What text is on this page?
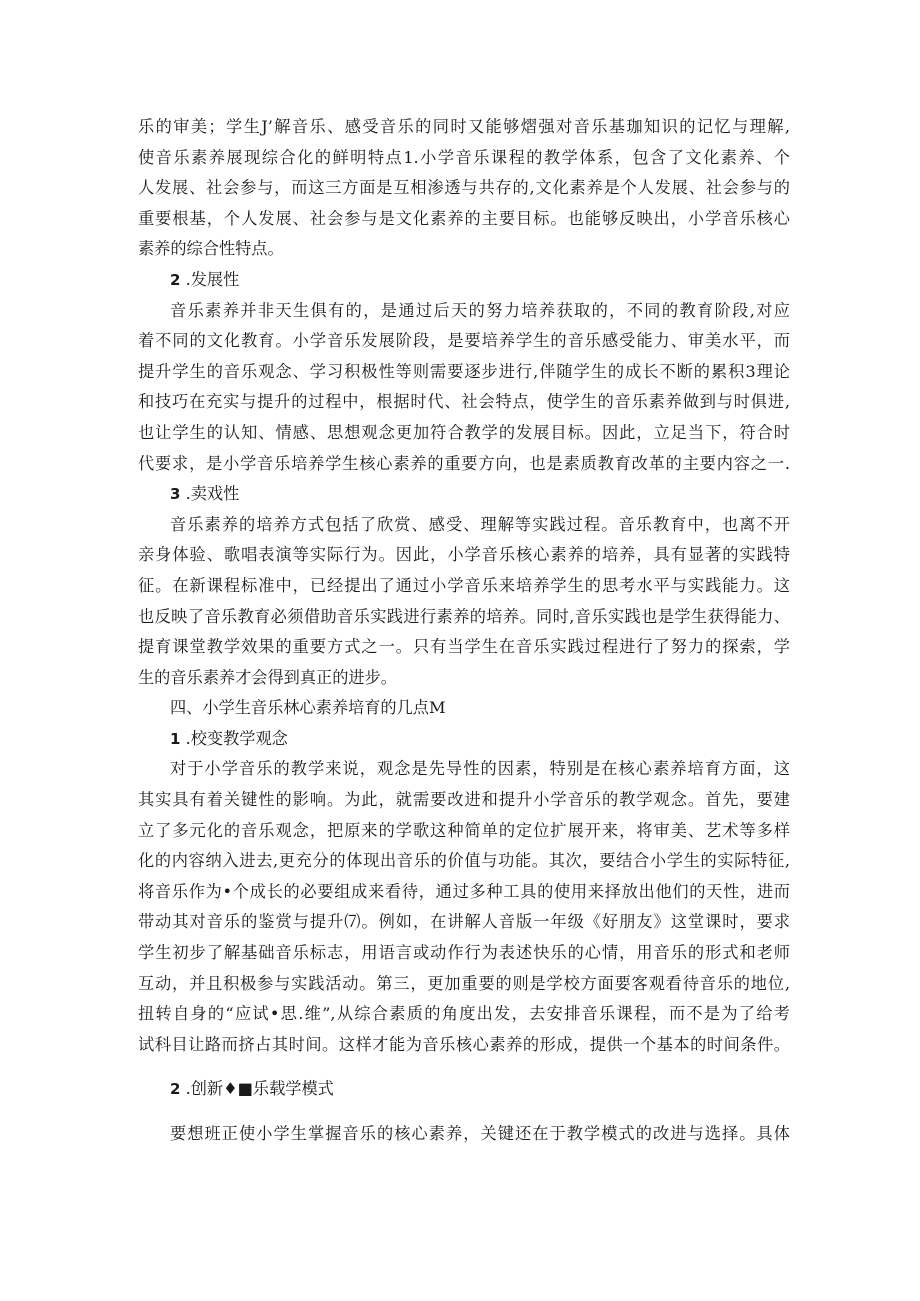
乐的审美；学生J’解音乐、感受音乐的同时又能够熠强对音乐基珈知识的记忆与理解,
使音乐素养展现综合化的鲜明特点1.小学音乐课程的教学体系，包含了文化素养、个
人发展、社会参与，而这三方面是互相渗透与共存的,文化素养是个人发展、社会参与的
重要根基，个人发展、社会参与是文化素养的主要目标。也能够反映出，小学音乐核心
素养的综合性特点。
2 .发展性
音乐素养并非天生俱有的，是通过后天的努力培养获取的，不同的教育阶段,对应
着不同的文化教育。小学音乐发展阶段，是要培养学生的音乐感受能力、审美水平，而
提升学生的音乐观念、学习积极性等则需要逐步进行,伴随学生的成长不断的累积3理论
和技巧在充实与提升的过程中，根据时代、社会特点，使学生的音乐素养做到与时俱进,
也让学生的认知、情感、思想观念更加符合教学的发展目标。因此，立足当下，符合时
代要求，是小学音乐培养学生核心素养的重要方向，也是素质教育改革的主要内容之一.
3 .卖戏性
音乐素养的培养方式包括了欣赏、感受、理解等实践过程。音乐教育中，也离不开
亲身体验、歌唱表演等实际行为。因此，小学音乐核心素养的培养，具有显著的实践特
征。在新课程标准中，已经提出了通过小学音乐来培养学生的思考水平与实践能力。这
也反映了音乐教育必须借助音乐实践进行素养的培养。同时,音乐实践也是学生获得能力、
提育课堂教学效果的重要方式之一。只有当学生在音乐实践过程进行了努力的探索，学
生的音乐素养才会得到真正的进步。
四、小学生音乐林心素养培育的几点M
1 .校变教学观念
对于小学音乐的教学来说，观念是先导性的因素，特别是在核心素养培育方面，这
其实具有着关键性的影响。为此，就需要改进和提升小学音乐的教学观念。首先，要建
立了多元化的音乐观念，把原来的学歌这种简单的定位扩展开来，将审美、艺术等多样
化的内容纳入进去,更充分的体现出音乐的价值与功能。其次，要结合小学生的实际特征,
将音乐作为•个成长的必要组成来看待，通过多种工具的使用来择放出他们的天性，进而
带动其对音乐的鉴赏与提升⑺。例如，在讲解人音版一年级《好朋友》这堂课时，要求
学生初步了解基础音乐标志，用语言或动作行为表述快乐的心情，用音乐的形式和老师
互动，并且积极参与实践活动。第三，更加重要的则是学校方面要客观看待音乐的地位,
扭转自身的“应试•思.维”,从综合素质的角度出发，去安排音乐课程，而不是为了给考
试科目让路而挤占其时间。这样才能为音乐核心素养的形成，提供一个基本的时间条件。
2 .创新♦■乐载学模式
要想班正使小学生掌握音乐的核心素养，关键还在于教学模式的改进与选择。具体
